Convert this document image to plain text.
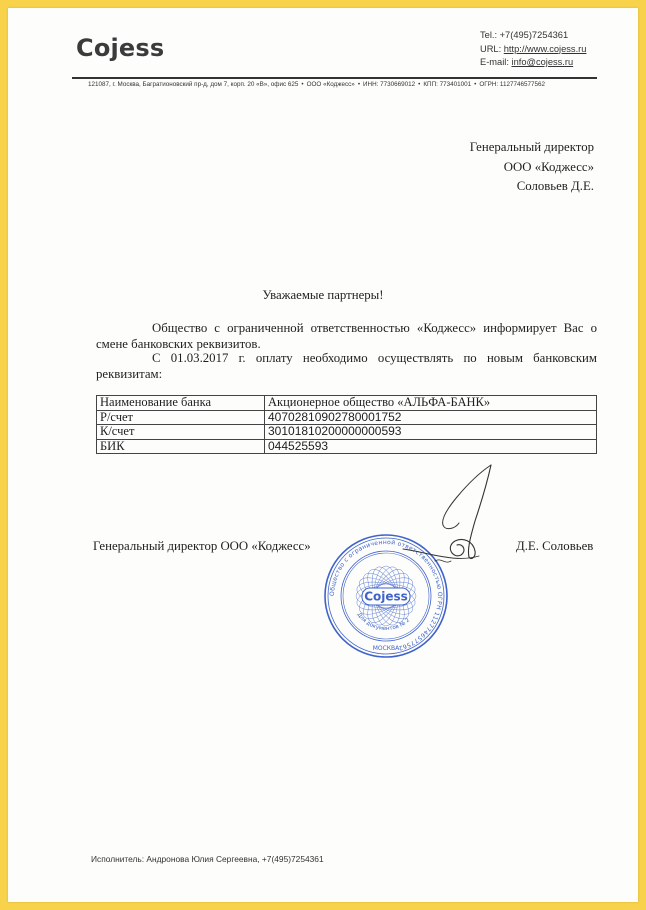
Cojess	Tel.: +7(495)7254361
URL: http://www.cojess.ru
E-mail: info@cojess.ru
121087, г. Москва, Багратионовский пр-д, дом 7, корп. 20 «В», офис 625 • ООО «Коджесс» • ИНН: 7730669012 • КПП: 773401001 • ОГРН: 1127746577562
Генеральный директор
ООО «Коджесс»
Соловьев Д.Е.
Уважаемые партнеры!
Общество с ограниченной ответственностью «Коджесс» информирует Вас о смене банковских реквизитов.
С 01.03.2017 г. оплату необходимо осуществлять по новым банковским реквизитам:
Наименование банка	Акционерное общество «АЛЬФА-БАНК»
Р/счет	40702810902780001752
К/счет	30101810200000000593
БИК	044525593
Генеральный директор ООО «Коджесс»	Д.Е. Соловьев
Общество с ограниченной ответственностью ОГРН 1127746577562
Для документов № 2
Cojess
МОСКВА
Исполнитель: Андронова Юлия Сергеевна, +7(495)7254361
